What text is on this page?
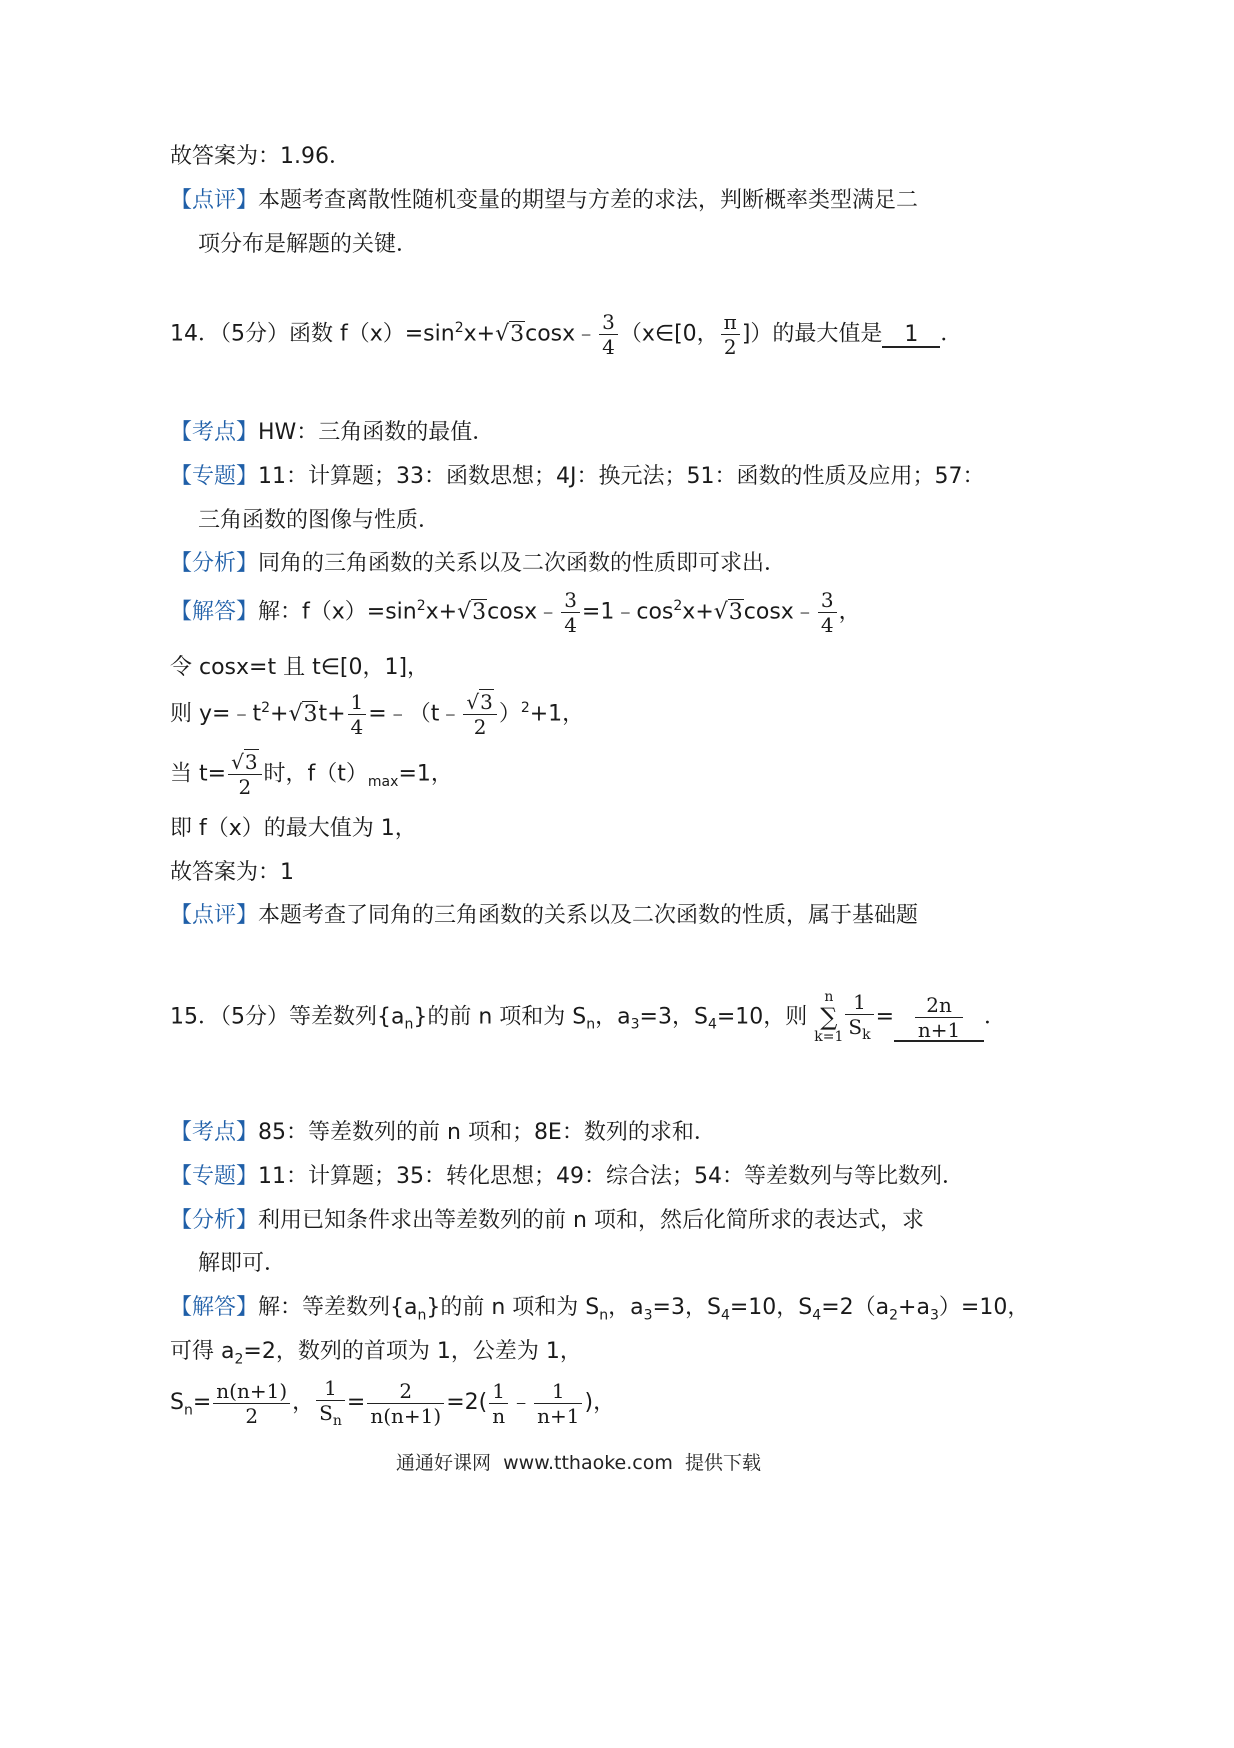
故答案为：1.96．
【点评】本题考查离散性随机变量的期望与方差的求法，判断概率类型满足二
项分布是解题的关键．
14．（5分）函数 $f(x)=\sin^2x+√3\cos x﹣ \frac{3}{4}$ （x∈[0， $\frac{\pi}{2}$ ]）的最大值是 1 ．
【考点】HW：三角函数的最值．
【专题】11：计算题；33：函数思想；4J：换元法；51：函数的性质及应用；57：
三角函数的图像与性质．
【分析】同角的三角函数的关系以及二次函数的性质即可求出．
【解答】解：$f(x)=\sin^2x+√3\cos x﹣ \frac{3}{4}$ $=1﹣\cos^2x+√3\cos x﹣ \frac{3}{4}$ ，
令 cosx=t 且 t∈[0，1]，
则 $y=﹣t^2+√3t+ \frac{1}{4}$ =﹣（t﹣ $\frac{√3}{2} )^2+1$，
当 $t= \frac{√3}{2}$ 时，$f(t)_{max}=1$，
即 f（x）的最大值为 1，
故答案为：1
【点评】本题考查了同角的三角函数的关系以及二次函数的性质，属于基础题
15．（5分）等差数列$\{a_n\}$的前 n 项和为 $S_n$，$a_3=3$，$S_4=10$，则 n
∑
$k=1 \frac{1}{S_k} = \frac{2n}{n+1}$ ．
【考点】85：等差数列的前 n 项和；8E：数列的求和．
【专题】11：计算题；35：转化思想；49：综合法；54：等差数列与等比数列．
【分析】利用已知条件求出等差数列的前 n 项和，然后化简所求的表达式，求
解即可．
【解答】解：等差数列$\{a_n\}$的前 n 项和为 $S_n$，$a_3=3$，$S_4=10$，$S_4=2(a_2+a_3)=10$，
可得 $a_2=2$，数列的首项为 1，公差为 1，
$S_n= \frac{n(n+1)}{2}$ ， $\frac{1}{S_n} = \frac{2}{n(n+1)} =2( \frac{1}{n}$ ﹣ $\frac{1}{n+1}$ )，
通通好课网 www.tthaoke.com 提供下载
